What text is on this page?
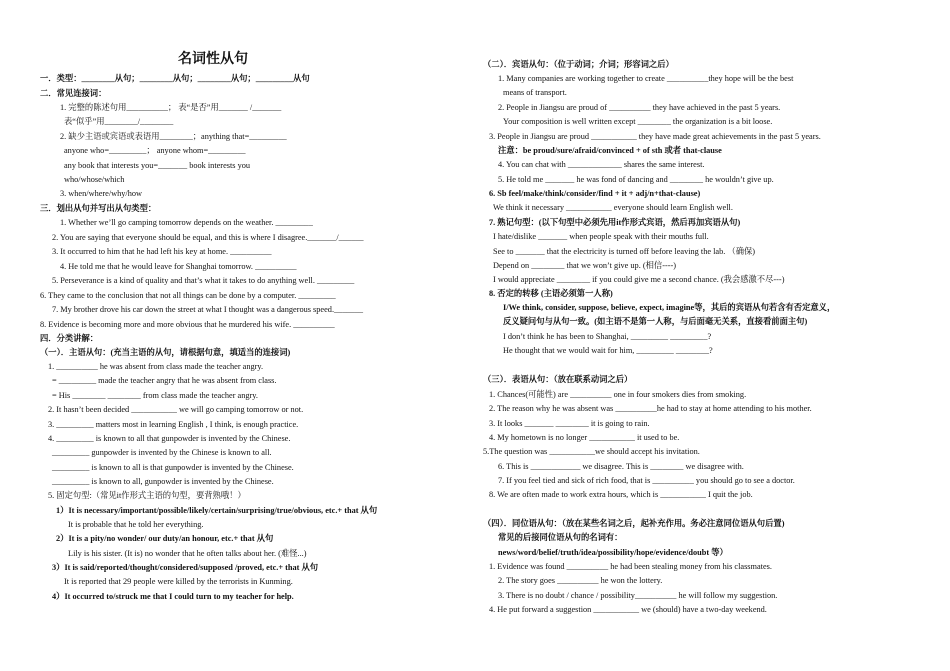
名词性从句
一．类型：________从句；________从句；________从句；_________从句
二．常见连接词：
1. 完整的陈述句用__________； 表“是否”用_______ /_______
表“似乎”用________/________
2. 缺少主语或宾语或表语用________；anything that=_________
anyone who=_________； anyone whom=_________
any book that interests you=_______ book interests you
who/whose/which
3. when/where/why/how
三．划出从句并写出从句类型：
1. Whether we’ll go camping tomorrow depends on the weather. _________
2. You are saying that everyone should be equal, and this is where I disagree._______/______
3. It occurred to him that he had left his key at home. __________
4. He told me that he would leave for Shanghai tomorrow. __________
5. Perseverance is a kind of quality and that’s what it takes to do anything well. _________
6. They came to the conclusion that not all things can be done by a computer. _________
7. My brother drove his car down the street at what I thought was a dangerous speed._______
8. Evidence is becoming more and more obvious that he murdered his wife. __________
四．分类讲解：
（一）．主语从句：(充当主语的从句，请根据句意，填适当的连接词)
1. __________ he was absent from class made the teacher angry.
= _________ made the teacher angry that he was absent from class.
= His ________ ________ from class made the teacher angry.
2. It hasn’t been decided ___________ we will go camping tomorrow or not.
3. _________ matters most in learning English , I think, is enough practice.
4. _________ is known to all that gunpowder is invented by the Chinese.
_________ gunpowder is invented by the Chinese is known to all.
_________ is known to all is that gunpowder is invented by the Chinese.
_________ is known to all, gunpowder is invented by the Chinese.
5. 固定句型:（常见it作形式主语的句型，要背熟哦！）
1）It is necessary/important/possible/likely/certain/surprising/true/obvious, etc.+ that 从句
It is probable that he told her everything.
2）It is a pity/no wonder/ our duty/an honour, etc.+ that 从句
Lily is his sister. (It is) no wonder that he often talks about her. (难怪...)
3）It is said/reported/thought/considered/supposed /proved, etc.+ that 从句
It is reported that 29 people were killed by the terrorists in Kunming.
4）It occurred to/struck me that I could turn to my teacher for help.
（二）．宾语从句：（位于动词；介词；形容词之后）
1. Many companies are working together to create __________they hope will be the best
means of transport.
2. People in Jiangsu are proud of __________ they have achieved in the past 5 years.
Your composition is well written except ________ the organization is a bit loose.
3. People in Jiangsu are proud ___________ they have made great achievements in the past 5 years.
注意：be proud/sure/afraid/convinced + of sth 或者 that-clause
4. You can chat with _____________ shares the same interest.
5. He told me _______ he was fond of dancing and ________ he wouldn’t give up.
6. Sb feel/make/think/consider/find + it + adj/n+that-clause)
We think it necessary ___________ everyone should learn English well.
7. 熟记句型：(以下句型中必须先用it作形式宾语，然后再加宾语从句)
I hate/dislike _______ when people speak with their mouths full.
See to _______ that the electricity is turned off before leaving the lab. （确保)
Depend on ________ that we won’t give up. (相信----)
I would appreciate ________ if you could give me a second chance. (我会感激不尽---)
8. 否定的转移 (主语必须第一人称)
I/We think, consider, suppose, believe, expect, imagine等，其后的宾语从句若含有否定意义，
反义疑问句与从句一致。(如主语不是第一人称，与后面毫无关系，直接看前面主句)
I don’t think he has been to Shanghai, _________ _________?
He thought that we would wait for him, _________ ________?
（三）．表语从句：（放在联系动词之后）
1. Chances(可能性) are __________ one in four smokers dies from smoking.
2. The reason why he was absent was __________he had to stay at home attending to his mother.
3. It looks _______ ________ it is going to rain.
4. My hometown is no longer ___________ it used to be.
5.The question was ___________we should accept his invitation.
6. This is ____________ we disagree. This is ________ we disagree with.
7. If you feel tied and sick of rich food, that is __________ you should go to see a doctor.
8. We are often made to work extra hours, which is ___________ I quit the job.
（四）．同位语从句：（放在某些名词之后，起补充作用。务必注意同位语从句后置)
常见的后接同位语从句的名词有：
news/word/belief/truth/idea/possibility/hope/evidence/doubt 等）
1. Evidence was found __________ he had been stealing money from his classmates.
2. The story goes __________ he won the lottery.
3. There is no doubt / chance / possibility__________ he will follow my suggestion.
4. He put forward a suggestion ___________ we (should) have a two-day weekend.
